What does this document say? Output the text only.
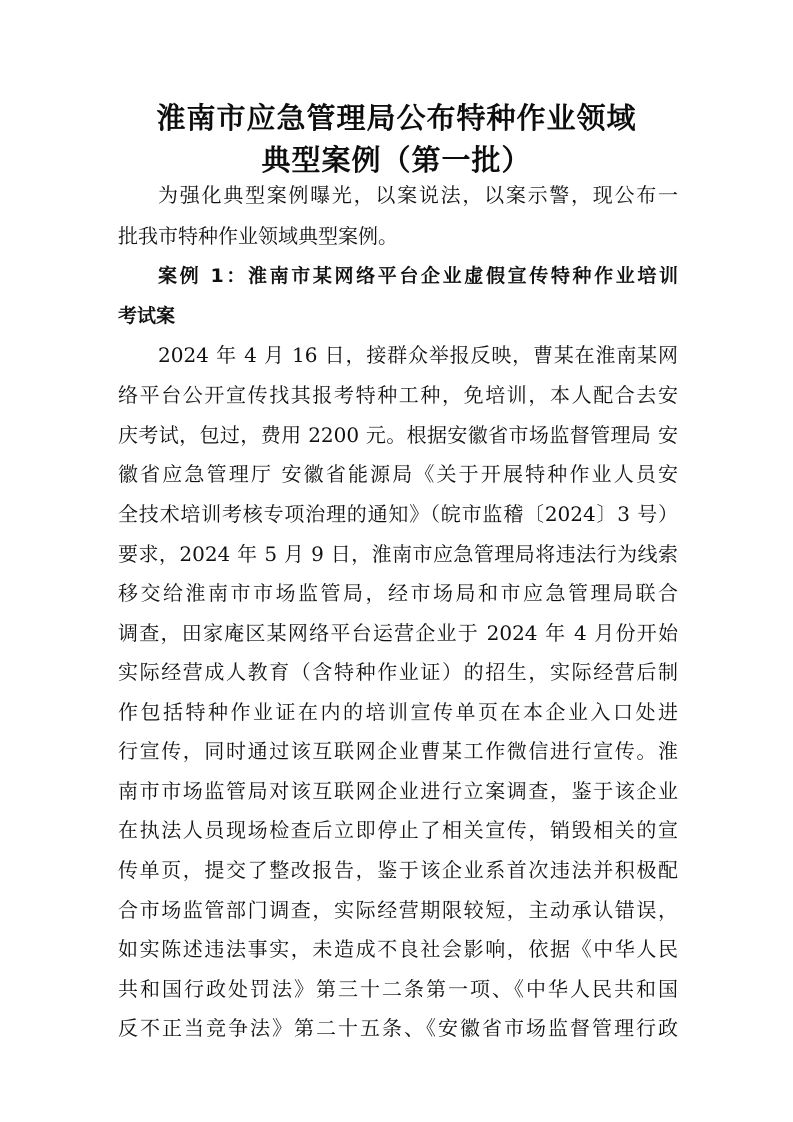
淮南市应急管理局公布特种作业领域
典型案例（第一批）
为强化典型案例曝光，以案说法，以案示警，现公布一
批我市特种作业领域典型案例。
案例 1：淮南市某网络平台企业虚假宣传特种作业培训
考试案
2024 年 4 月 16 日，接群众举报反映，曹某在淮南某网
络平台公开宣传找其报考特种工种，免培训，本人配合去安
庆考试，包过，费用 2200 元。根据安徽省市场监督管理局 安
徽省应急管理厅 安徽省能源局《关于开展特种作业人员安
全技术培训考核专项治理的通知》（皖市监稽〔2024〕3 号）
要求，2024 年 5 月 9 日，淮南市应急管理局将违法行为线索
移交给淮南市市场监管局，经市场局和市应急管理局联合
调查，田家庵区某网络平台运营企业于 2024 年 4 月份开始
实际经营成人教育（含特种作业证）的招生，实际经营后制
作包括特种作业证在内的培训宣传单页在本企业入口处进
行宣传，同时通过该互联网企业曹某工作微信进行宣传。淮
南市市场监管局对该互联网企业进行立案调查，鉴于该企业
在执法人员现场检查后立即停止了相关宣传，销毁相关的宣
传单页，提交了整改报告，鉴于该企业系首次违法并积极配
合市场监管部门调查，实际经营期限较短，主动承认错误，
如实陈述违法事实，未造成不良社会影响，依据《中华人民
共和国行政处罚法》第三十二条第一项、《中华人民共和国
反不正当竞争法》第二十五条、《安徽省市场监督管理行政
